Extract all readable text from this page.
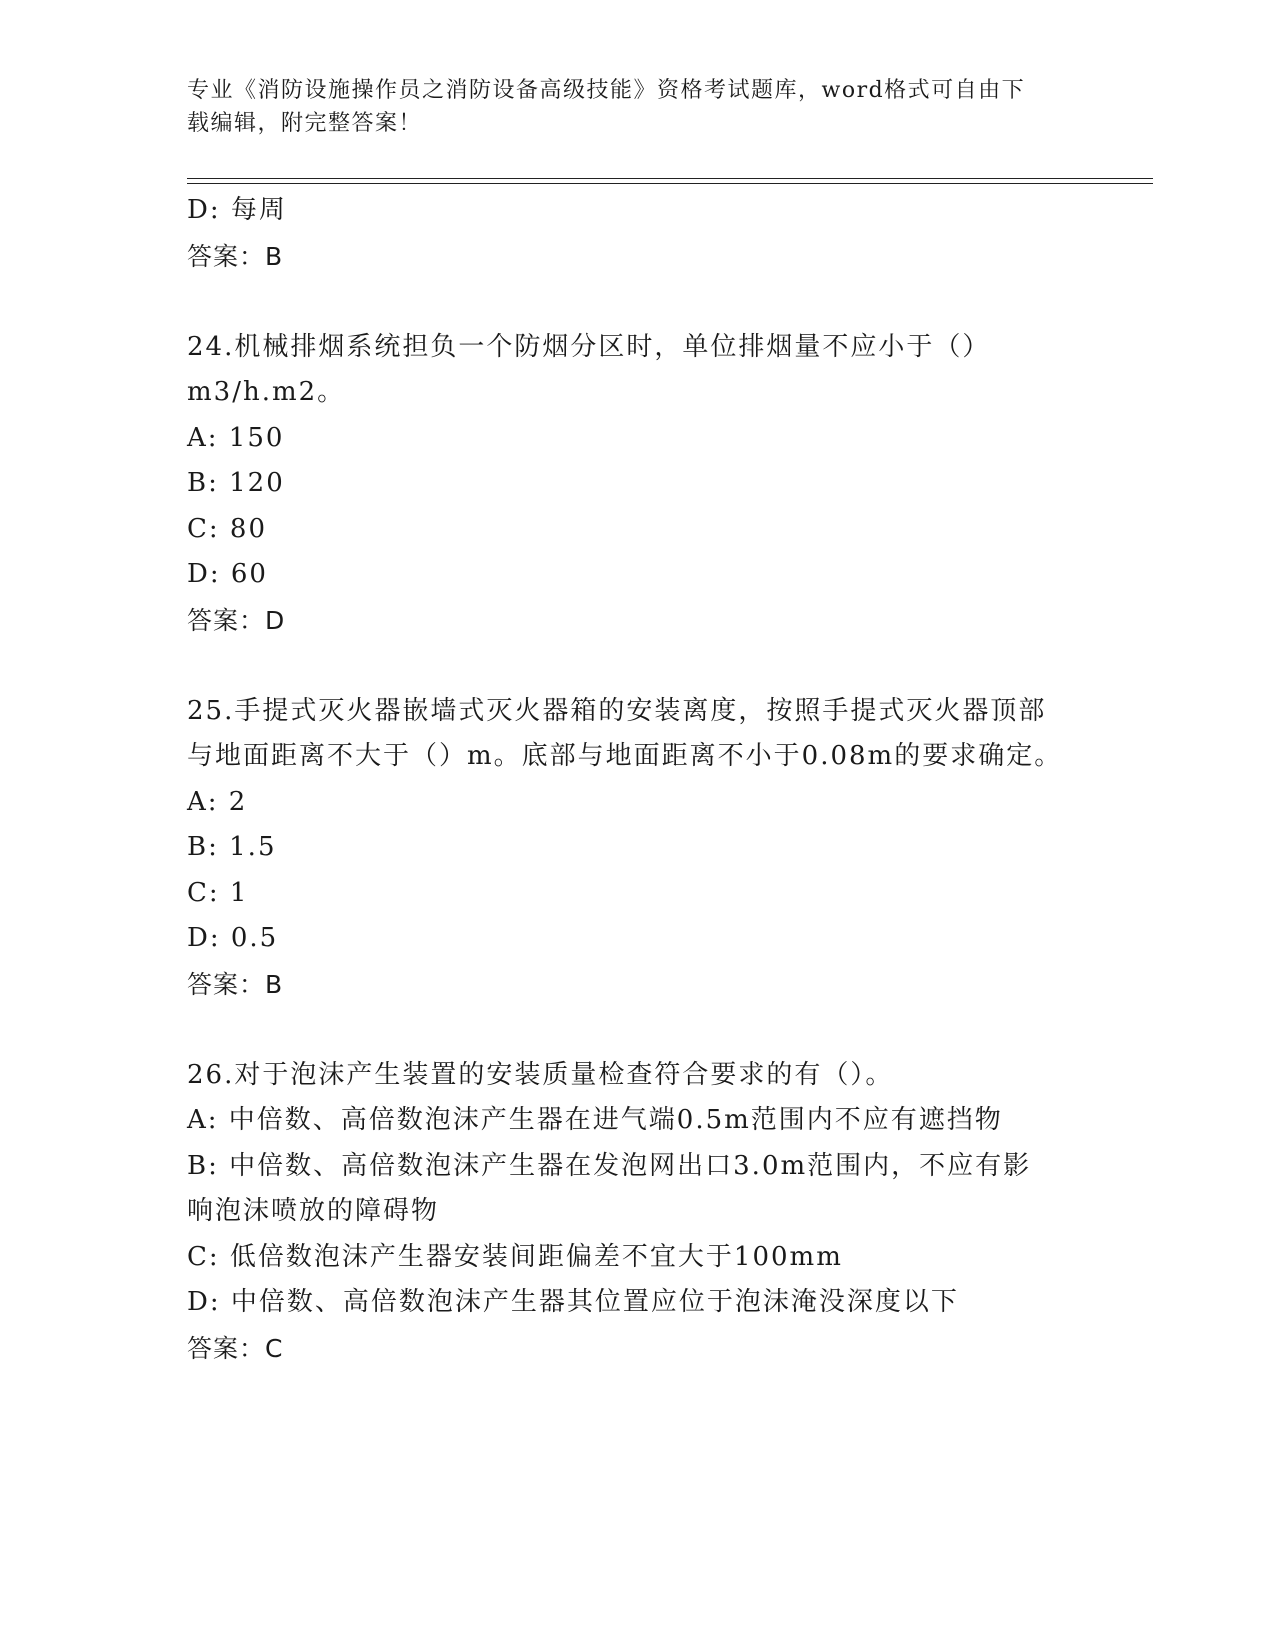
专业《消防设施操作员之消防设备高级技能》资格考试题库，word格式可自由下
载编辑，附完整答案！
D: 每周
答案：B
24.机械排烟系统担负一个防烟分区时，单位排烟量不应小于（）
m3/h.m2。
A: 150
B: 120
C: 80
D: 60
答案：D
25.手提式灭火器嵌墙式灭火器箱的安装离度，按照手提式灭火器顶部
与地面距离不大于（）m。底部与地面距离不小于0.08m的要求确定。
A: 2
B: 1.5
C: 1
D: 0.5
答案：B
26.对于泡沫产生装置的安装质量检查符合要求的有（）。
A: 中倍数、高倍数泡沫产生器在进气端0.5m范围内不应有遮挡物
B: 中倍数、高倍数泡沫产生器在发泡网出口3.0m范围内，不应有影
响泡沫喷放的障碍物
C: 低倍数泡沫产生器安装间距偏差不宜大于100mm
D: 中倍数、高倍数泡沫产生器其位置应位于泡沫淹没深度以下
答案：C
